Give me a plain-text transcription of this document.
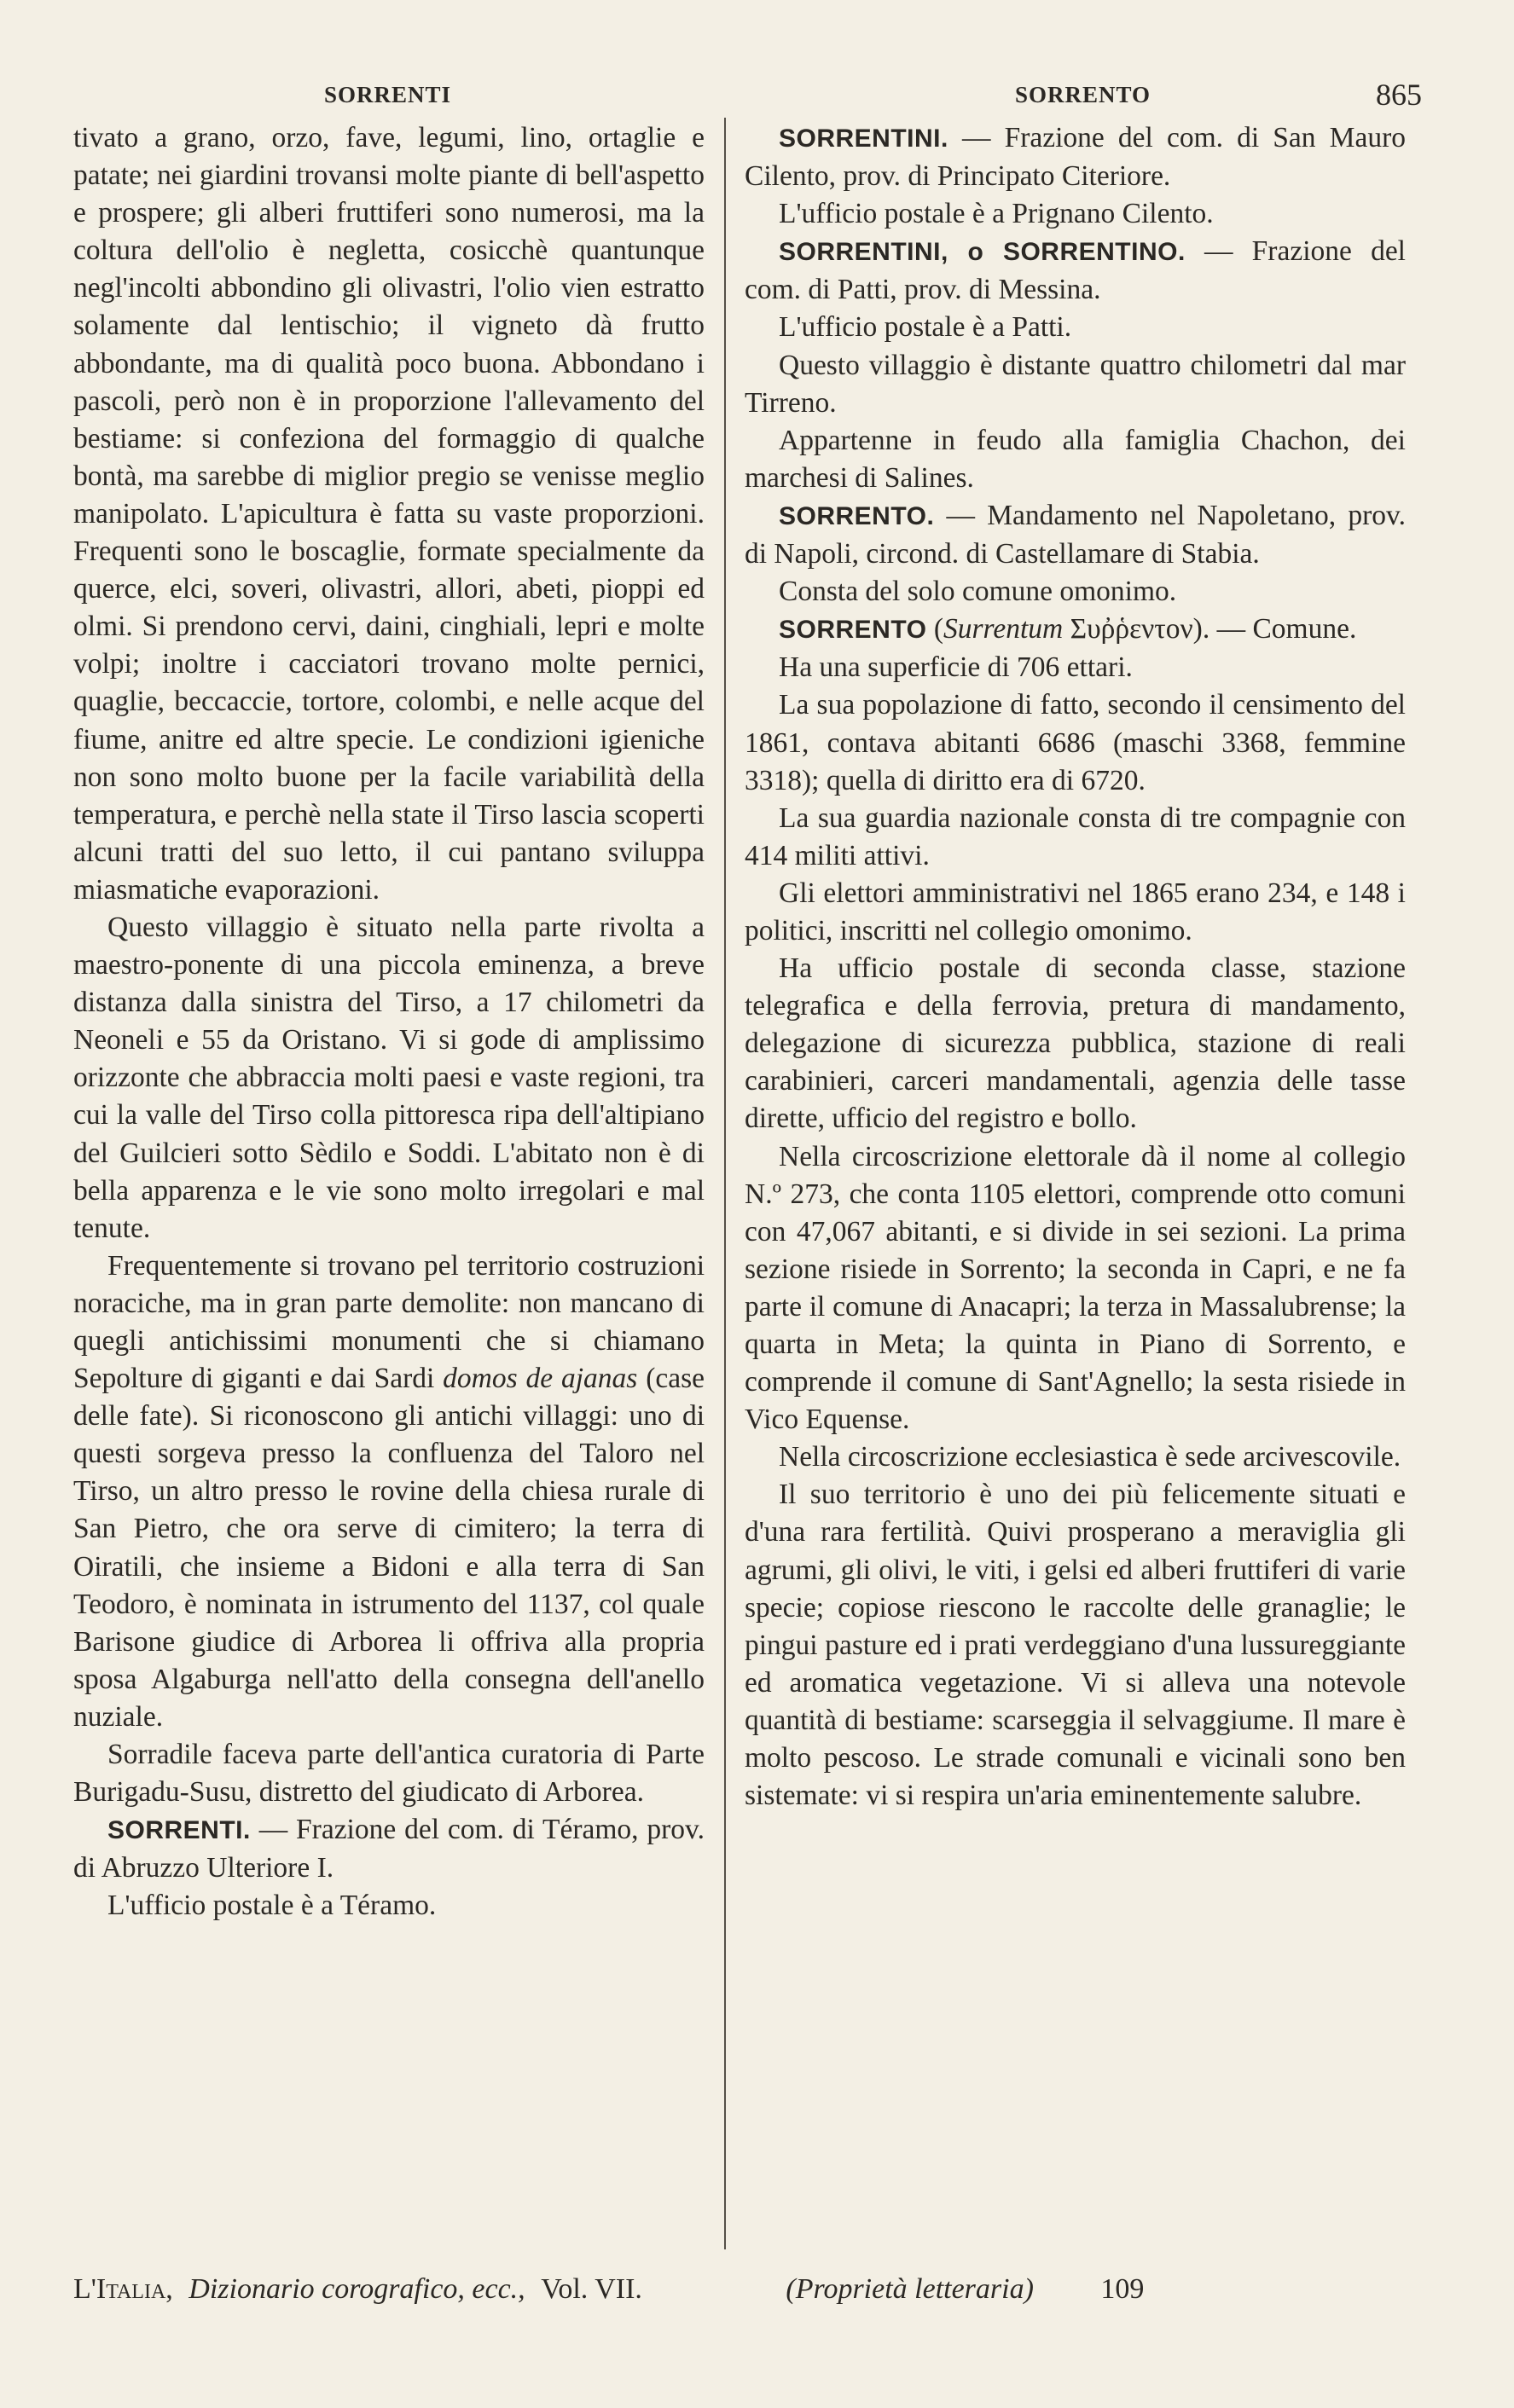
SORRENTI	SORRENTO	865

tivato a grano, orzo, fave, legumi, lino, ortaglie e patate; nei giardini trovansi molte piante di bell'aspetto e prospere; gli alberi fruttiferi sono numerosi, ma la coltura dell'olio è negletta, cosicchè quantunque negl'incolti abbondino gli olivastri, l'olio vien estratto solamente dal lentischio; il vigneto dà frutto abbondante, ma di qualità poco buona. Abbondano i pascoli, però non è in proporzione l'allevamento del bestiame: si confeziona del formaggio di qualche bontà, ma sarebbe di miglior pregio se venisse meglio manipolato. L'apicultura è fatta su vaste proporzioni. Frequenti sono le boscaglie, formate specialmente da querce, elci, soveri, olivastri, allori, abeti, pioppi ed olmi. Si prendono cervi, daini, cinghiali, lepri e molte volpi; inoltre i cacciatori trovano molte pernici, quaglie, beccaccie, tortore, colombi, e nelle acque del fiume, anitre ed altre specie. Le condizioni igieniche non sono molto buone per la facile variabilità della temperatura, e perchè nella state il Tirso lascia scoperti alcuni tratti del suo letto, il cui pantano sviluppa miasmatiche evaporazioni.

Questo villaggio è situato nella parte rivolta a maestro-ponente di una piccola eminenza, a breve distanza dalla sinistra del Tirso, a 17 chilometri da Neoneli e 55 da Oristano. Vi si gode di amplissimo orizzonte che abbraccia molti paesi e vaste regioni, tra cui la valle del Tirso colla pittoresca ripa dell'altipiano del Guilcieri sotto Sèdilo e Soddi. L'abitato non è di bella apparenza e le vie sono molto irregolari e mal tenute.

Frequentemente si trovano pel territorio costruzioni noraciche, ma in gran parte demolite: non mancano di quegli antichissimi monumenti che si chiamano Sepolture di giganti e dai Sardi domos de ajanas (case delle fate). Si riconoscono gli antichi villaggi: uno di questi sorgeva presso la confluenza del Taloro nel Tirso, un altro presso le rovine della chiesa rurale di San Pietro, che ora serve di cimitero; la terra di Oiratili, che insieme a Bidoni e alla terra di San Teodoro, è nominata in istrumento del 1137, col quale Barisone giudice di Arborea li offriva alla propria sposa Algaburga nell'atto della consegna dell'anello nuziale.

Sorradile faceva parte dell'antica curatoria di Parte Burigadu-Susu, distretto del giudicato di Arborea.

SORRENTI. — Frazione del com. di Téramo, prov. di Abruzzo Ulteriore I.

L'ufficio postale è a Téramo.

SORRENTINI. — Frazione del com. di San Mauro Cilento, prov. di Principato Citeriore.

L'ufficio postale è a Prignano Cilento.

SORRENTINI, o SORRENTINO. — Frazione del com. di Patti, prov. di Messina.

L'ufficio postale è a Patti.

Questo villaggio è distante quattro chilometri dal mar Tirreno.

Appartenne in feudo alla famiglia Chachon, dei marchesi di Salines.

SORRENTO. — Mandamento nel Napoletano, prov. di Napoli, circond. di Castellamare di Stabia.

Consta del solo comune omonimo.

SORRENTO (Surrentum Συῤῥεντον). — Comune.

Ha una superficie di 706 ettari.

La sua popolazione di fatto, secondo il censimento del 1861, contava abitanti 6686 (maschi 3368, femmine 3318); quella di diritto era di 6720.

La sua guardia nazionale consta di tre compagnie con 414 militi attivi.

Gli elettori amministrativi nel 1865 erano 234, e 148 i politici, inscritti nel collegio omonimo.

Ha ufficio postale di seconda classe, stazione telegrafica e della ferrovia, pretura di mandamento, delegazione di sicurezza pubblica, stazione di reali carabinieri, carceri mandamentali, agenzia delle tasse dirette, ufficio del registro e bollo.

Nella circoscrizione elettorale dà il nome al collegio N.º 273, che conta 1105 elettori, comprende otto comuni con 47,067 abitanti, e si divide in sei sezioni. La prima sezione risiede in Sorrento; la seconda in Capri, e ne fa parte il comune di Anacapri; la terza in Massalubrense; la quarta in Meta; la quinta in Piano di Sorrento, e comprende il comune di Sant'Agnello; la sesta risiede in Vico Equense.

Nella circoscrizione ecclesiastica è sede arcivescovile.

Il suo territorio è uno dei più felicemente situati e d'una rara fertilità. Quivi prosperano a meraviglia gli agrumi, gli olivi, le viti, i gelsi ed alberi fruttiferi di varie specie; copiose riescono le raccolte delle granaglie; le pingui pasture ed i prati verdeggiano d'una lussureggiante ed aromatica vegetazione. Vi si alleva una notevole quantità di bestiame: scarseggia il selvaggiume. Il mare è molto pescoso. Le strade comunali e vicinali sono ben sistemate: vi si respira un'aria eminentemente salubre.

L'Italia, Dizionario corografico, ecc., Vol. VII.	(Proprietà letteraria) 109
